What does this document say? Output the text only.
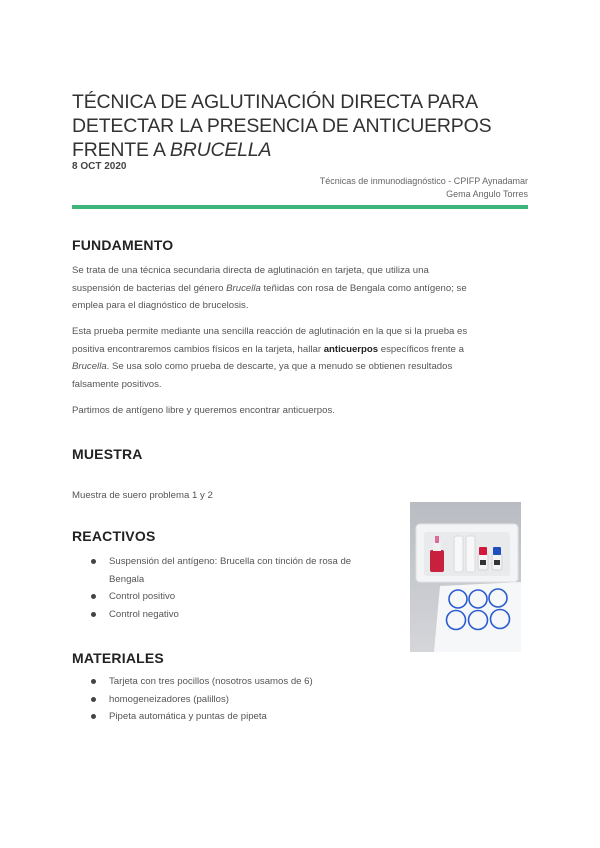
TÉCNICA DE AGLUTINACIÓN DIRECTA PARA
DETECTAR LA PRESENCIA DE ANTICUERPOS
FRENTE A BRUCELLA
8 OCT 2020
Técnicas de inmunodiagnóstico - CPIFP Aynadamar
Gema Angulo Torres
FUNDAMENTO

Se trata de una técnica secundaria directa de aglutinación en tarjeta, que utiliza una
suspensión de bacterias del género Brucella teñidas con rosa de Bengala como antígeno; se
emplea para el diagnóstico de brucelosis.

Esta prueba permite mediante una sencilla reacción de aglutinación en la que si la prueba es
positiva encontraremos cambios físicos en la tarjeta, hallar anticuerpos específicos frente a
Brucella. Se usa solo como prueba de descarte, ya que a menudo se obtienen resultados
falsamente positivos.

Partimos de antígeno libre y queremos encontrar anticuerpos.

MUESTRA

Muestra de suero problema 1 y 2

REACTIVOS
Suspensión del antígeno: Brucella con tinción de rosa de
Bengala
Control positivo
Control negativo
MATERIALES
Tarjeta con tres pocillos (nosotros usamos de 6)
homogeneizadores (palillos)
Pipeta automática y puntas de pipeta
